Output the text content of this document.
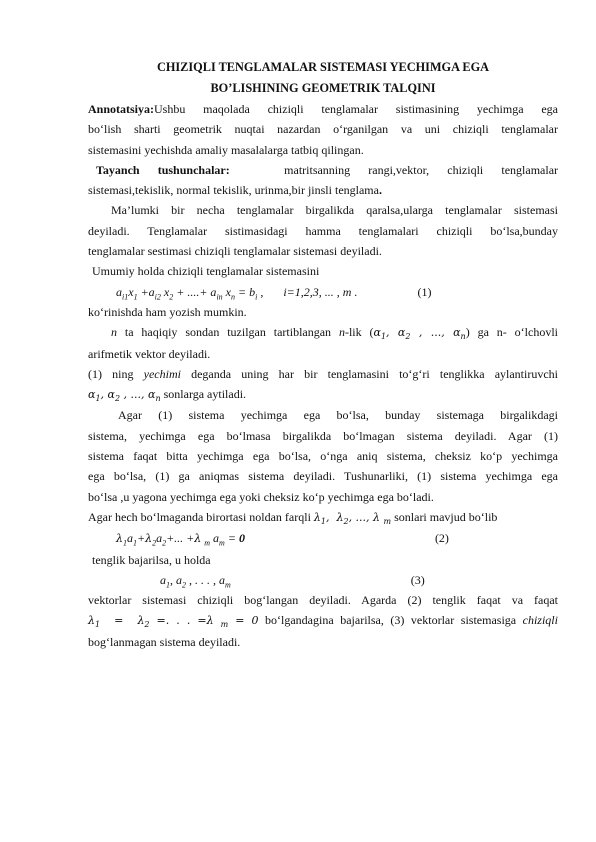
CHIZIQLI TENGLAMALAR SISTEMASI YECHIMGA EGA
BO’LISHINING GEOMETRIK TALQINI
Annotatsiya:Ushbu maqolada chiziqli tenglamalar sistimasining yechimga ega
bo‘lish sharti geometrik nuqtai nazardan o‘rganilgan va uni chiziqli tenglamalar
sistemasini yechishda amaliy masalalarga tatbiq qilingan.
Tayanch tushunchalar:	matritsanning rangi,vektor, chiziqli tenglamalar
sistemasi,tekislik, normal tekislik, urinma,bir jinsli tenglama.
Ma’lumki bir necha tenglamalar birgalikda qaralsa,ularga tenglamalar sistemasi
deyiladi. Tenglamalar sistimasidagi hamma tenglamalari chiziqli bo‘lsa,bunday
tenglamalar sestimasi chiziqli tenglamalar sistemasi deyiladi.
Umumiy holda chiziqli tenglamalar sistemasini
$a_{i1}x_1 +a_{i2}$ $x_2$ + ....+ $a_{in}$ $x_n = b_i$ , i=1,2,3, ... , m .	(1)
ko‘rinishda ham yozish mumkin.
n ta haqiqiy sondan tuzilgan tartiblangan n-lik ($\alpha_1$, $\alpha_2$ , ..., $\alpha_n$) ga n- o‘lchovli
arifmetik vektor deyiladi.
(1) ning yechimi deganda uning har bir tenglamasini to‘g‘ri tenglikka aylantiruvchi
$\alpha_1$, $\alpha_2$ , ..., $\alpha_n$ sonlarga aytiladi.
Agar (1) sistema yechimga ega bo‘lsa, bunday sistemaga birgalikdagi
sistema, yechimga ega bo‘lmasa birgalikda bo‘lmagan sistema deyiladi. Agar (1)
sistema faqat bitta yechimga ega bo‘lsa, o‘nga aniq sistema, cheksiz ko‘p yechimga
ega bo‘lsa, (1) ga aniqmas sistema deyiladi. Tushunarliki, (1) sistema yechimga ega
bo‘lsa ,u yagona yechimga ega yoki cheksiz ko‘p yechimga ega bo‘ladi.
Agar hech bo‘lmaganda birortasi noldan farqli $\lambda_1$,  $\lambda_2$, ..., λ $_m$ sonlari mavjud bo‘lib
$\lambda_1a_1+\lambda_2a_2+$... +λ $_m$ $a_m = 0$	(2)
tenglik bajarilsa, u holda
$a_1$, $a_2$ , . . . , $a_m$	(3)
vektorlar sistemasi chiziqli bog‘langan deyiladi. Agarda (2) tenglik faqat va faqat
$\lambda_1 = \lambda_2$ =. . . =λ $_m$ = 0 bo‘lgandagina bajarilsa, (3) vektorlar sistemasiga chiziqli
bog‘lanmagan sistema deyiladi.
